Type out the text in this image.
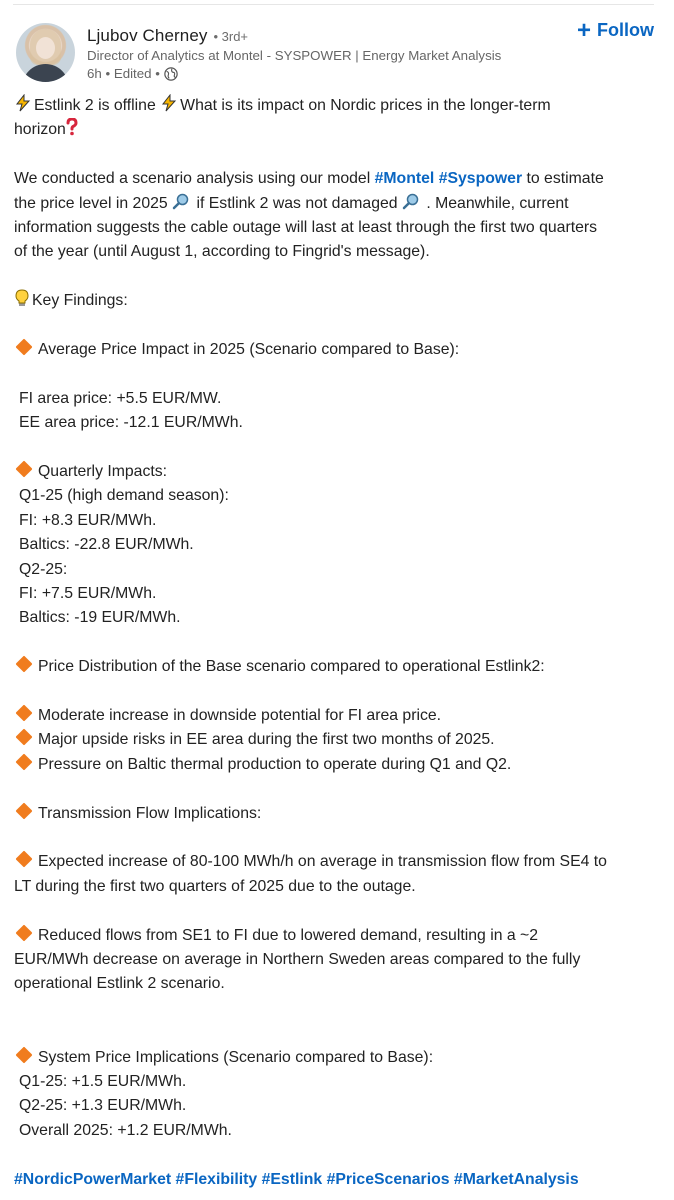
Ljubov Cherney • 3rd+
Director of Analytics at Montel - SYSPOWER | Energy Market Analysis
6h • Edited •
+ Follow

Estlink 2 is offline What is its impact on Nordic prices in the longer-term

horizon

We conducted a scenario analysis using our model #Montel #Syspower to estimate

the price level in 2025  if Estlink 2 was not damaged  . Meanwhile, current

information suggests the cable outage will last at least through the first two quarters

of the year (until August 1, according to Fingrid's message).

Key Findings:

Average Price Impact in 2025 (Scenario compared to Base):

FI area price: +5.5 EUR/MW.

EE area price: -12.1 EUR/MWh.

Quarterly Impacts:

Q1-25 (high demand season):

FI: +8.3 EUR/MWh.

Baltics: -22.8 EUR/MWh.

Q2-25:

FI: +7.5 EUR/MWh.

Baltics: -19 EUR/MWh.

Price Distribution of the Base scenario compared to operational Estlink2:

Moderate increase in downside potential for FI area price.

Major upside risks in EE area during the first two months of 2025.

Pressure on Baltic thermal production to operate during Q1 and Q2.

Transmission Flow Implications:

Expected increase of 80-100 MWh/h on average in transmission flow from SE4 to

LT during the first two quarters of 2025 due to the outage.

Reduced flows from SE1 to FI due to lowered demand, resulting in a ~2

EUR/MWh decrease on average in Northern Sweden areas compared to the fully

operational Estlink 2 scenario.

System Price Implications (Scenario compared to Base):

Q1-25: +1.5 EUR/MWh.

Q2-25: +1.3 EUR/MWh.

Overall 2025: +1.2 EUR/MWh.

#NordicPowerMarket #Flexibility #Estlink #PriceScenarios #MarketAnalysis
